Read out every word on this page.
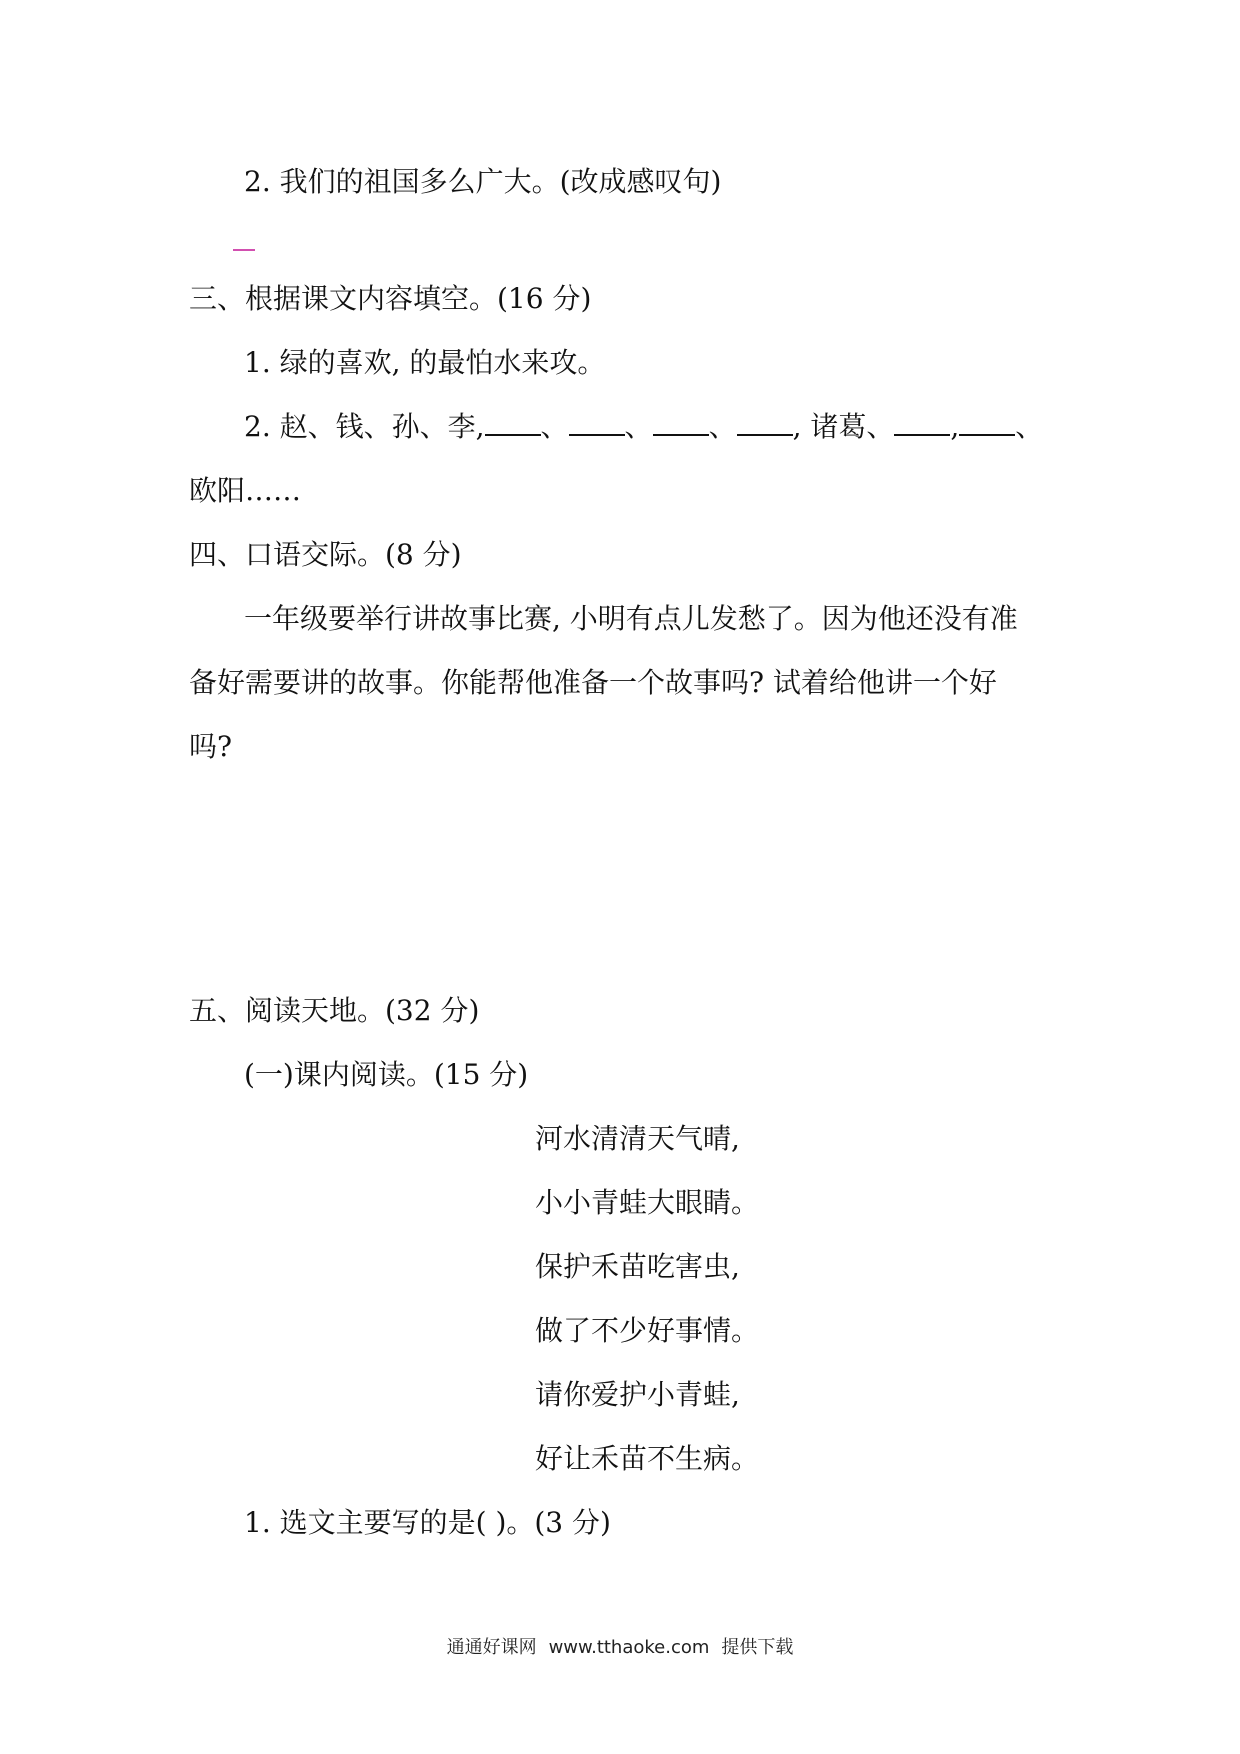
2. 我们的祖国多么广大。(改成感叹句)
三、根据课文内容填空。(16 分)
1. 绿的喜欢, 的最怕水来攻。
2. 赵、钱、孙、李, 、 、 、 , 诸葛、 , 、
欧阳……
四、口语交际。(8 分)
一年级要举行讲故事比赛, 小明有点儿发愁了。因为他还没有准
备好需要讲的故事。你能帮他准备一个故事吗? 试着给他讲一个好
吗?
五、阅读天地。(32 分)
(一)课内阅读。(15 分)
河水清清天气晴,
小小青蛙大眼睛。
保护禾苗吃害虫,
做了不少好事情。
请你爱护小青蛙,
好让禾苗不生病。
1. 选文主要写的是( )。(3 分)
通通好课网 www.tthaoke.com 提供下载
